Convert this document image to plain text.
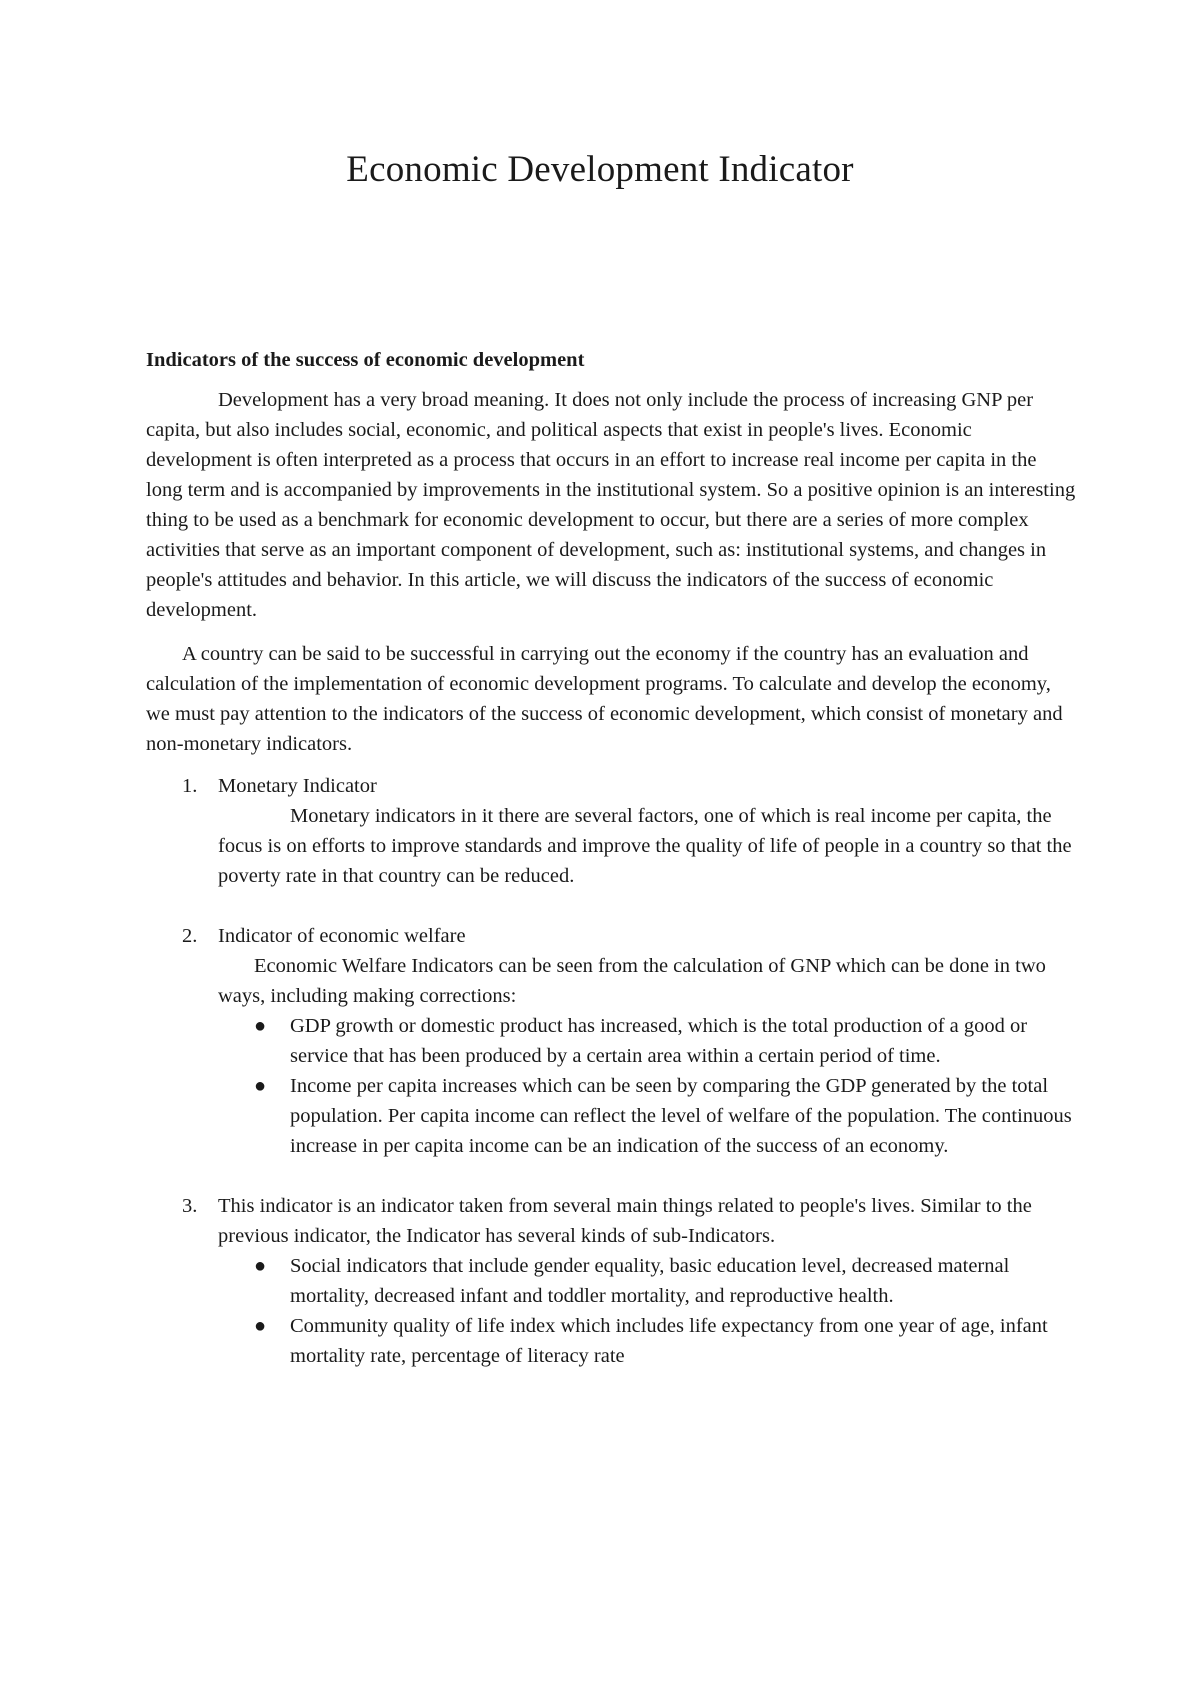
Economic Development Indicator

Indicators of the success of economic development

Development has a very broad meaning. It does not only include the process of increasing GNP per capita, but also includes social, economic, and political aspects that exist in people's lives. Economic development is often interpreted as a process that occurs in an effort to increase real income per capita in the long term and is accompanied by improvements in the institutional system. So a positive opinion is an interesting thing to be used as a benchmark for economic development to occur, but there are a series of more complex activities that serve as an important component of development, such as: institutional systems, and changes in people's attitudes and behavior. In this article, we will discuss the indicators of the success of economic development.

A country can be said to be successful in carrying out the economy if the country has an evaluation and calculation of the implementation of economic development programs. To calculate and develop the economy, we must pay attention to the indicators of the success of economic development, which consist of monetary and non-monetary indicators.

1. Monetary Indicator

Monetary indicators in it there are several factors, one of which is real income per capita, the focus is on efforts to improve standards and improve the quality of life of people in a country so that the poverty rate in that country can be reduced.

2. Indicator of economic welfare

Economic Welfare Indicators can be seen from the calculation of GNP which can be done in two ways, including making corrections:

● GDP growth or domestic product has increased, which is the total production of a good or service that has been produced by a certain area within a certain period of time.
● Income per capita increases which can be seen by comparing the GDP generated by the total population. Per capita income can reflect the level of welfare of the population. The continuous increase in per capita income can be an indication of the success of an economy.
3. This indicator is an indicator taken from several main things related to people's lives. Similar to the previous indicator, the Indicator has several kinds of sub-Indicators.

● Social indicators that include gender equality, basic education level, decreased maternal mortality, decreased infant and toddler mortality, and reproductive health.
● Community quality of life index which includes life expectancy from one year of age, infant mortality rate, percentage of literacy rate
